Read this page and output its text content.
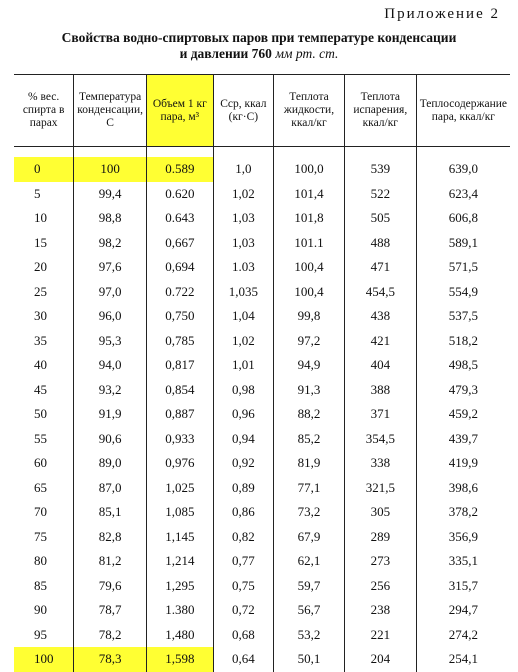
Приложение 2
Свойства водно-спиртовых паров при температуре конденсации
и давлении 760 мм рт. ст.
% вес. спирта в парах	Температура конденсации, С	Объем 1 кг пара, м³	Cср, ккал (кг·С)	Теплота жидкости, ккал/кг	Теплота испарения, ккал/кг	Теплосодержание пара, ккал/кг

0	100	0.589	1,0	100,0	539	639,0
5	99,4	0.620	1,02	101,4	522	623,4
10	98,8	0.643	1,03	101,8	505	606,8
15	98,2	0,667	1,03	101.1	488	589,1
20	97,6	0,694	1.03	100,4	471	571,5
25	97,0	0.722	1,035	100,4	454,5	554,9
30	96,0	0,750	1,04	99,8	438	537,5
35	95,3	0,785	1,02	97,2	421	518,2
40	94,0	0,817	1,01	94,9	404	498,5
45	93,2	0,854	0,98	91,3	388	479,3
50	91,9	0,887	0,96	88,2	371	459,2
55	90,6	0,933	0,94	85,2	354,5	439,7
60	89,0	0,976	0,92	81,9	338	419,9
65	87,0	1,025	0,89	77,1	321,5	398,6
70	85,1	1,085	0,86	73,2	305	378,2
75	82,8	1,145	0,82	67,9	289	356,9
80	81,2	1,214	0,77	62,1	273	335,1
85	79,6	1,295	0,75	59,7	256	315,7
90	78,7	1.380	0,72	56,7	238	294,7
95	78,2	1,480	0,68	53,2	221	274,2
100	78,3	1,598	0,64	50,1	204	254,1
